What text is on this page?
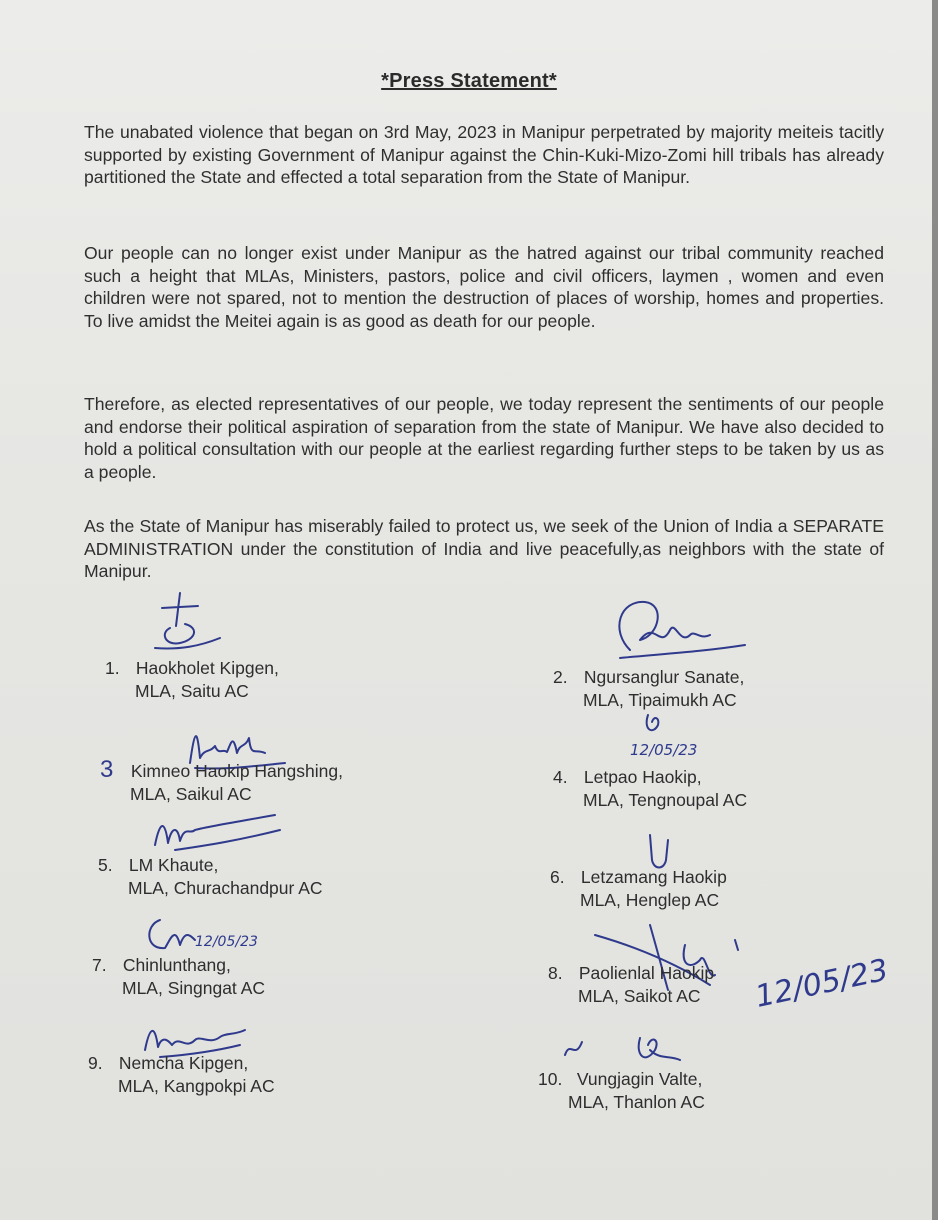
*Press Statement*
The unabated violence that began on 3rd May, 2023 in Manipur perpetrated by majority meiteis tacitly supported by existing Government of Manipur against the Chin-Kuki-Mizo-Zomi hill tribals has already partitioned the State and effected a total separation from the State of Manipur.
Our people can no longer exist under Manipur as the hatred against our tribal community reached such a height that MLAs, Ministers, pastors, police and civil officers, laymen , women and even children were not spared, not to mention the destruction of places of worship, homes and properties. To live amidst the Meitei again is as good as death for our people.
Therefore, as elected representatives of our people, we today represent the sentiments of our people and endorse their political aspiration of separation from the state of Manipur. We have also decided to hold a political consultation with our people at the earliest regarding further steps to be taken by us as a people.
As the State of Manipur has miserably failed to protect us, we seek of the Union of India a SEPARATE ADMINISTRATION under the constitution of India and live peacefully,as neighbors with the state of Manipur.
12/05/23
12/05/23
12/05/23
1. Haokholet Kipgen,
MLA, Saitu AC
2. Ngursanglur Sanate,
MLA, Tipaimukh AC
3 Kimneo Haokip Hangshing,
MLA, Saikul AC
4. Letpao Haokip,
MLA, Tengnoupal AC
5. LM Khaute,
MLA, Churachandpur AC
6. Letzamang Haokip
MLA, Henglep AC
7. Chinlunthang,
MLA, Singngat AC
8. Paolienlal Haokip
MLA, Saikot AC
9. Nemcha Kipgen,
MLA, Kangpokpi AC	10. Vungjagin Valte,
MLA, Thanlon AC
